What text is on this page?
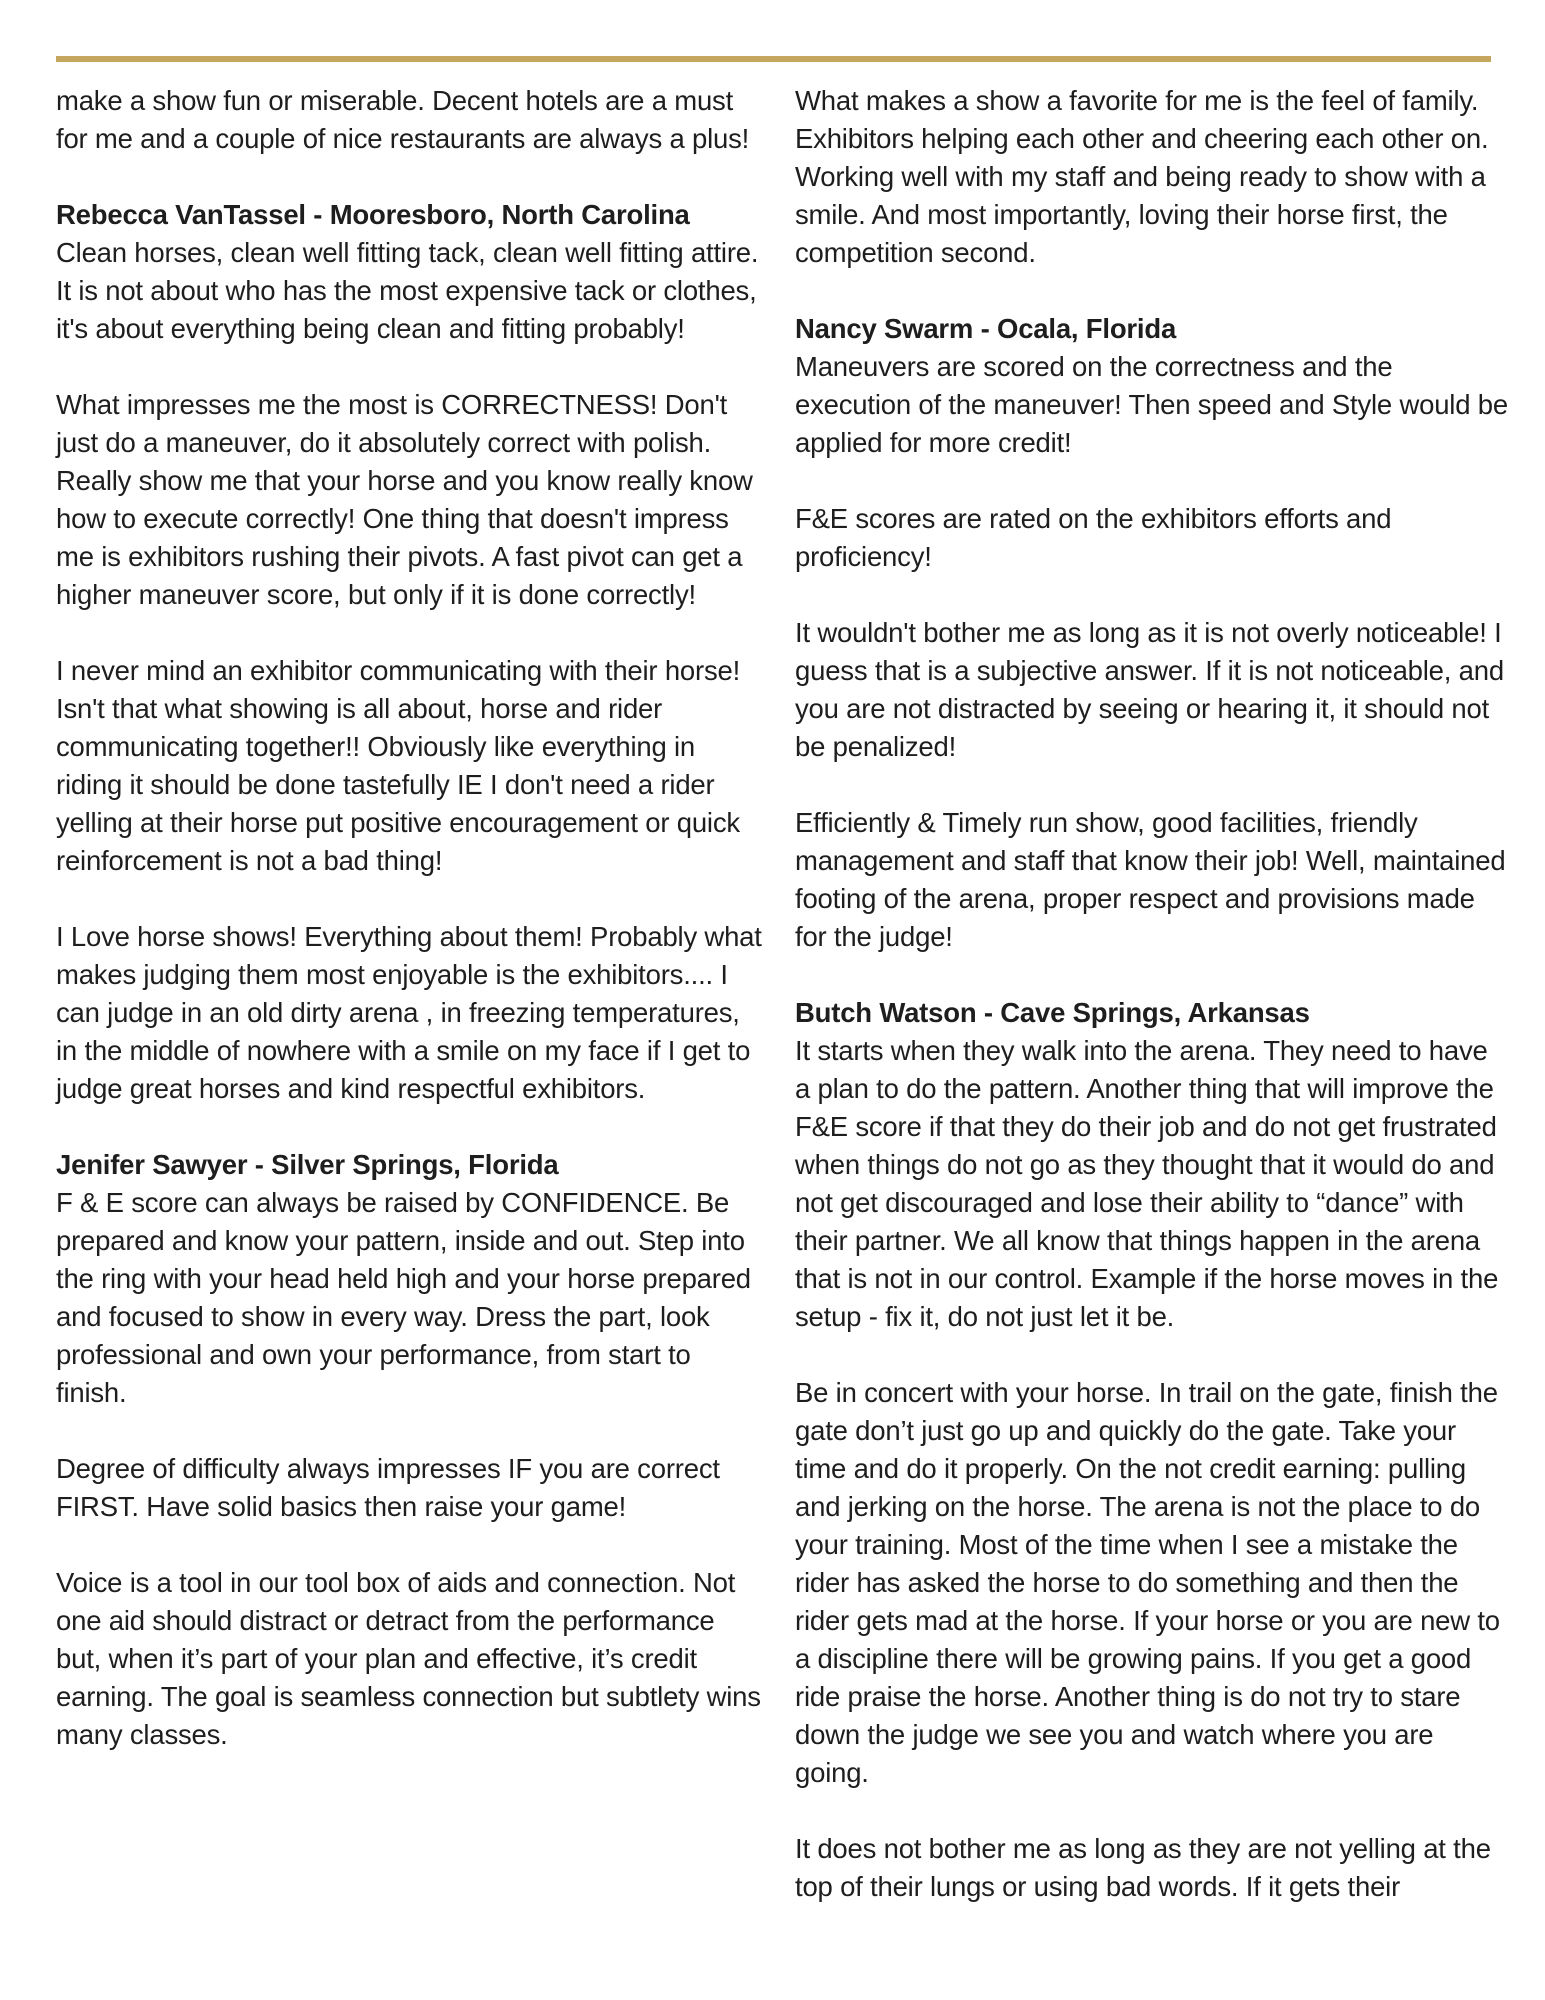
make a show fun or miserable. Decent hotels are a must for me and a couple of nice restaurants are always a plus!

Rebecca VanTassel - Mooresboro, North Carolina
Clean horses, clean well fitting tack, clean well fitting attire. It is not about who has the most expensive tack or clothes, it's about everything being clean and fitting probably!

What impresses me the most is CORRECTNESS! Don't just do a maneuver, do it absolutely correct with polish. Really show me that your horse and you know really know how to execute correctly! One thing that doesn't impress me is exhibitors rushing their pivots. A fast pivot can get a higher maneuver score, but only if it is done correctly!

I never mind an exhibitor communicating with their horse! Isn't that what showing is all about, horse and rider communicating together!! Obviously like everything in riding it should be done tastefully IE I don't need a rider yelling at their horse put positive encouragement or quick reinforcement is not a bad thing!

I Love horse shows! Everything about them! Probably what makes judging them most enjoyable is the exhibitors.... I can judge in an old dirty arena , in freezing temperatures, in the middle of nowhere with a smile on my face if I get to judge great horses and kind respectful exhibitors.

Jenifer Sawyer - Silver Springs, Florida
F & E score can always be raised by CONFIDENCE. Be prepared and know your pattern, inside and out. Step into the ring with your head held high and your horse prepared and focused to show in every way. Dress the part, look professional and own your performance, from start to finish.

Degree of difficulty always impresses IF you are correct FIRST. Have solid basics then raise your game!

Voice is a tool in our tool box of aids and connection. Not one aid should distract or detract from the performance but, when it’s part of your plan and effective, it’s credit earning. The goal is seamless connection but subtlety wins many classes.

What makes a show a favorite for me is the feel of family. Exhibitors helping each other and cheering each other on. Working well with my staff and being ready to show with a smile. And most importantly, loving their horse first, the competition second.

Nancy Swarm - Ocala, Florida
Maneuvers are scored on the correctness and the execution of the maneuver! Then speed and Style would be applied for more credit!

F&E scores are rated on the exhibitors efforts and proficiency!

It wouldn't bother me as long as it is not overly noticeable! I guess that is a subjective answer. If it is not noticeable, and you are not distracted by seeing or hearing it, it should not be penalized!

Efficiently & Timely run show, good facilities, friendly management and staff that know their job! Well, maintained footing of the arena, proper respect and provisions made for the judge!

Butch Watson - Cave Springs, Arkansas
It starts when they walk into the arena. They need to have a plan to do the pattern. Another thing that will improve the F&E score if that they do their job and do not get frustrated when things do not go as they thought that it would do and not get discouraged and lose their ability to “dance” with their partner. We all know that things happen in the arena that is not in our control. Example if the horse moves in the setup - fix it, do not just let it be.

Be in concert with your horse. In trail on the gate, finish the gate don’t just go up and quickly do the gate. Take your time and do it properly. On the not credit earning: pulling and jerking on the horse. The arena is not the place to do your training. Most of the time when I see a mistake the rider has asked the horse to do something and then the rider gets mad at the horse. If your horse or you are new to a discipline there will be growing pains. If you get a good ride praise the horse. Another thing is do not try to stare down the judge we see you and watch where you are going.

It does not bother me as long as they are not yelling at the top of their lungs or using bad words. If it gets their
